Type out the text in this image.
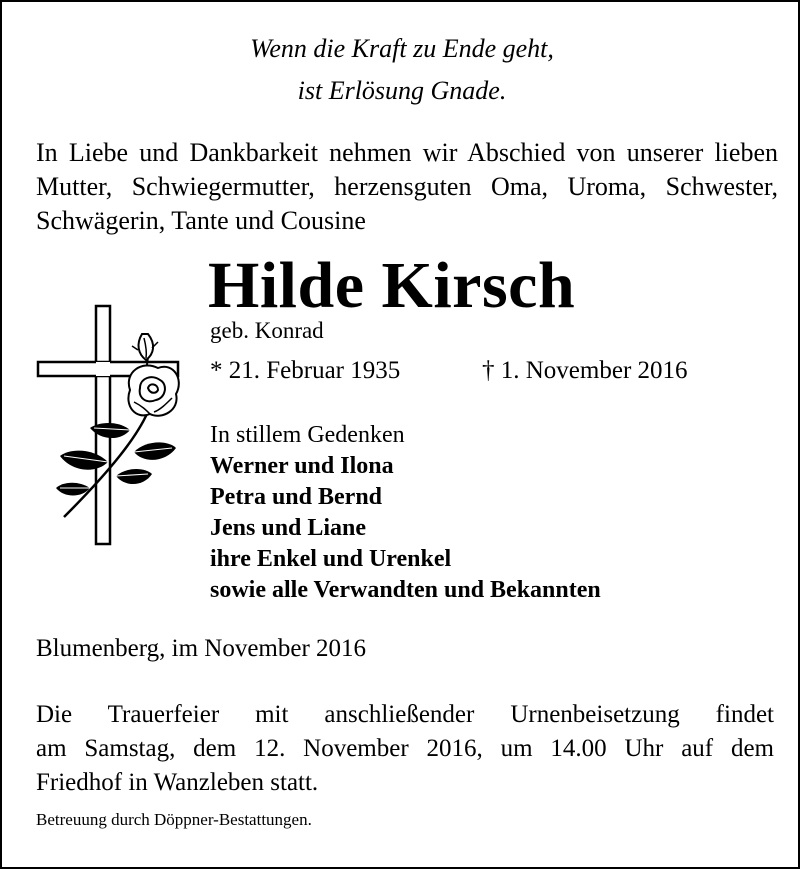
Wenn die Kraft zu Ende geht,

ist Erlösung Gnade.

In Liebe und Dankbarkeit nehmen wir Abschied von unserer lieben Mutter, Schwiegermutter, herzensguten Oma, Uroma, Schwester, Schwägerin, Tante und Cousine

Hilde Kirsch

geb. Konrad

* 21. Februar 1935	† 1. November 2016

In stillem Gedenken
Werner und Ilona
Petra und Bernd
Jens und Liane
ihre Enkel und Urenkel
sowie alle Verwandten und Bekannten

Blumenberg, im November 2016

Die Trauerfeier mit anschließender Urnenbeisetzung findet
am Samstag, dem 12. November 2016, um 14.00 Uhr auf dem
Friedhof in Wanzleben statt.

Betreuung durch Döppner-Bestattungen.
